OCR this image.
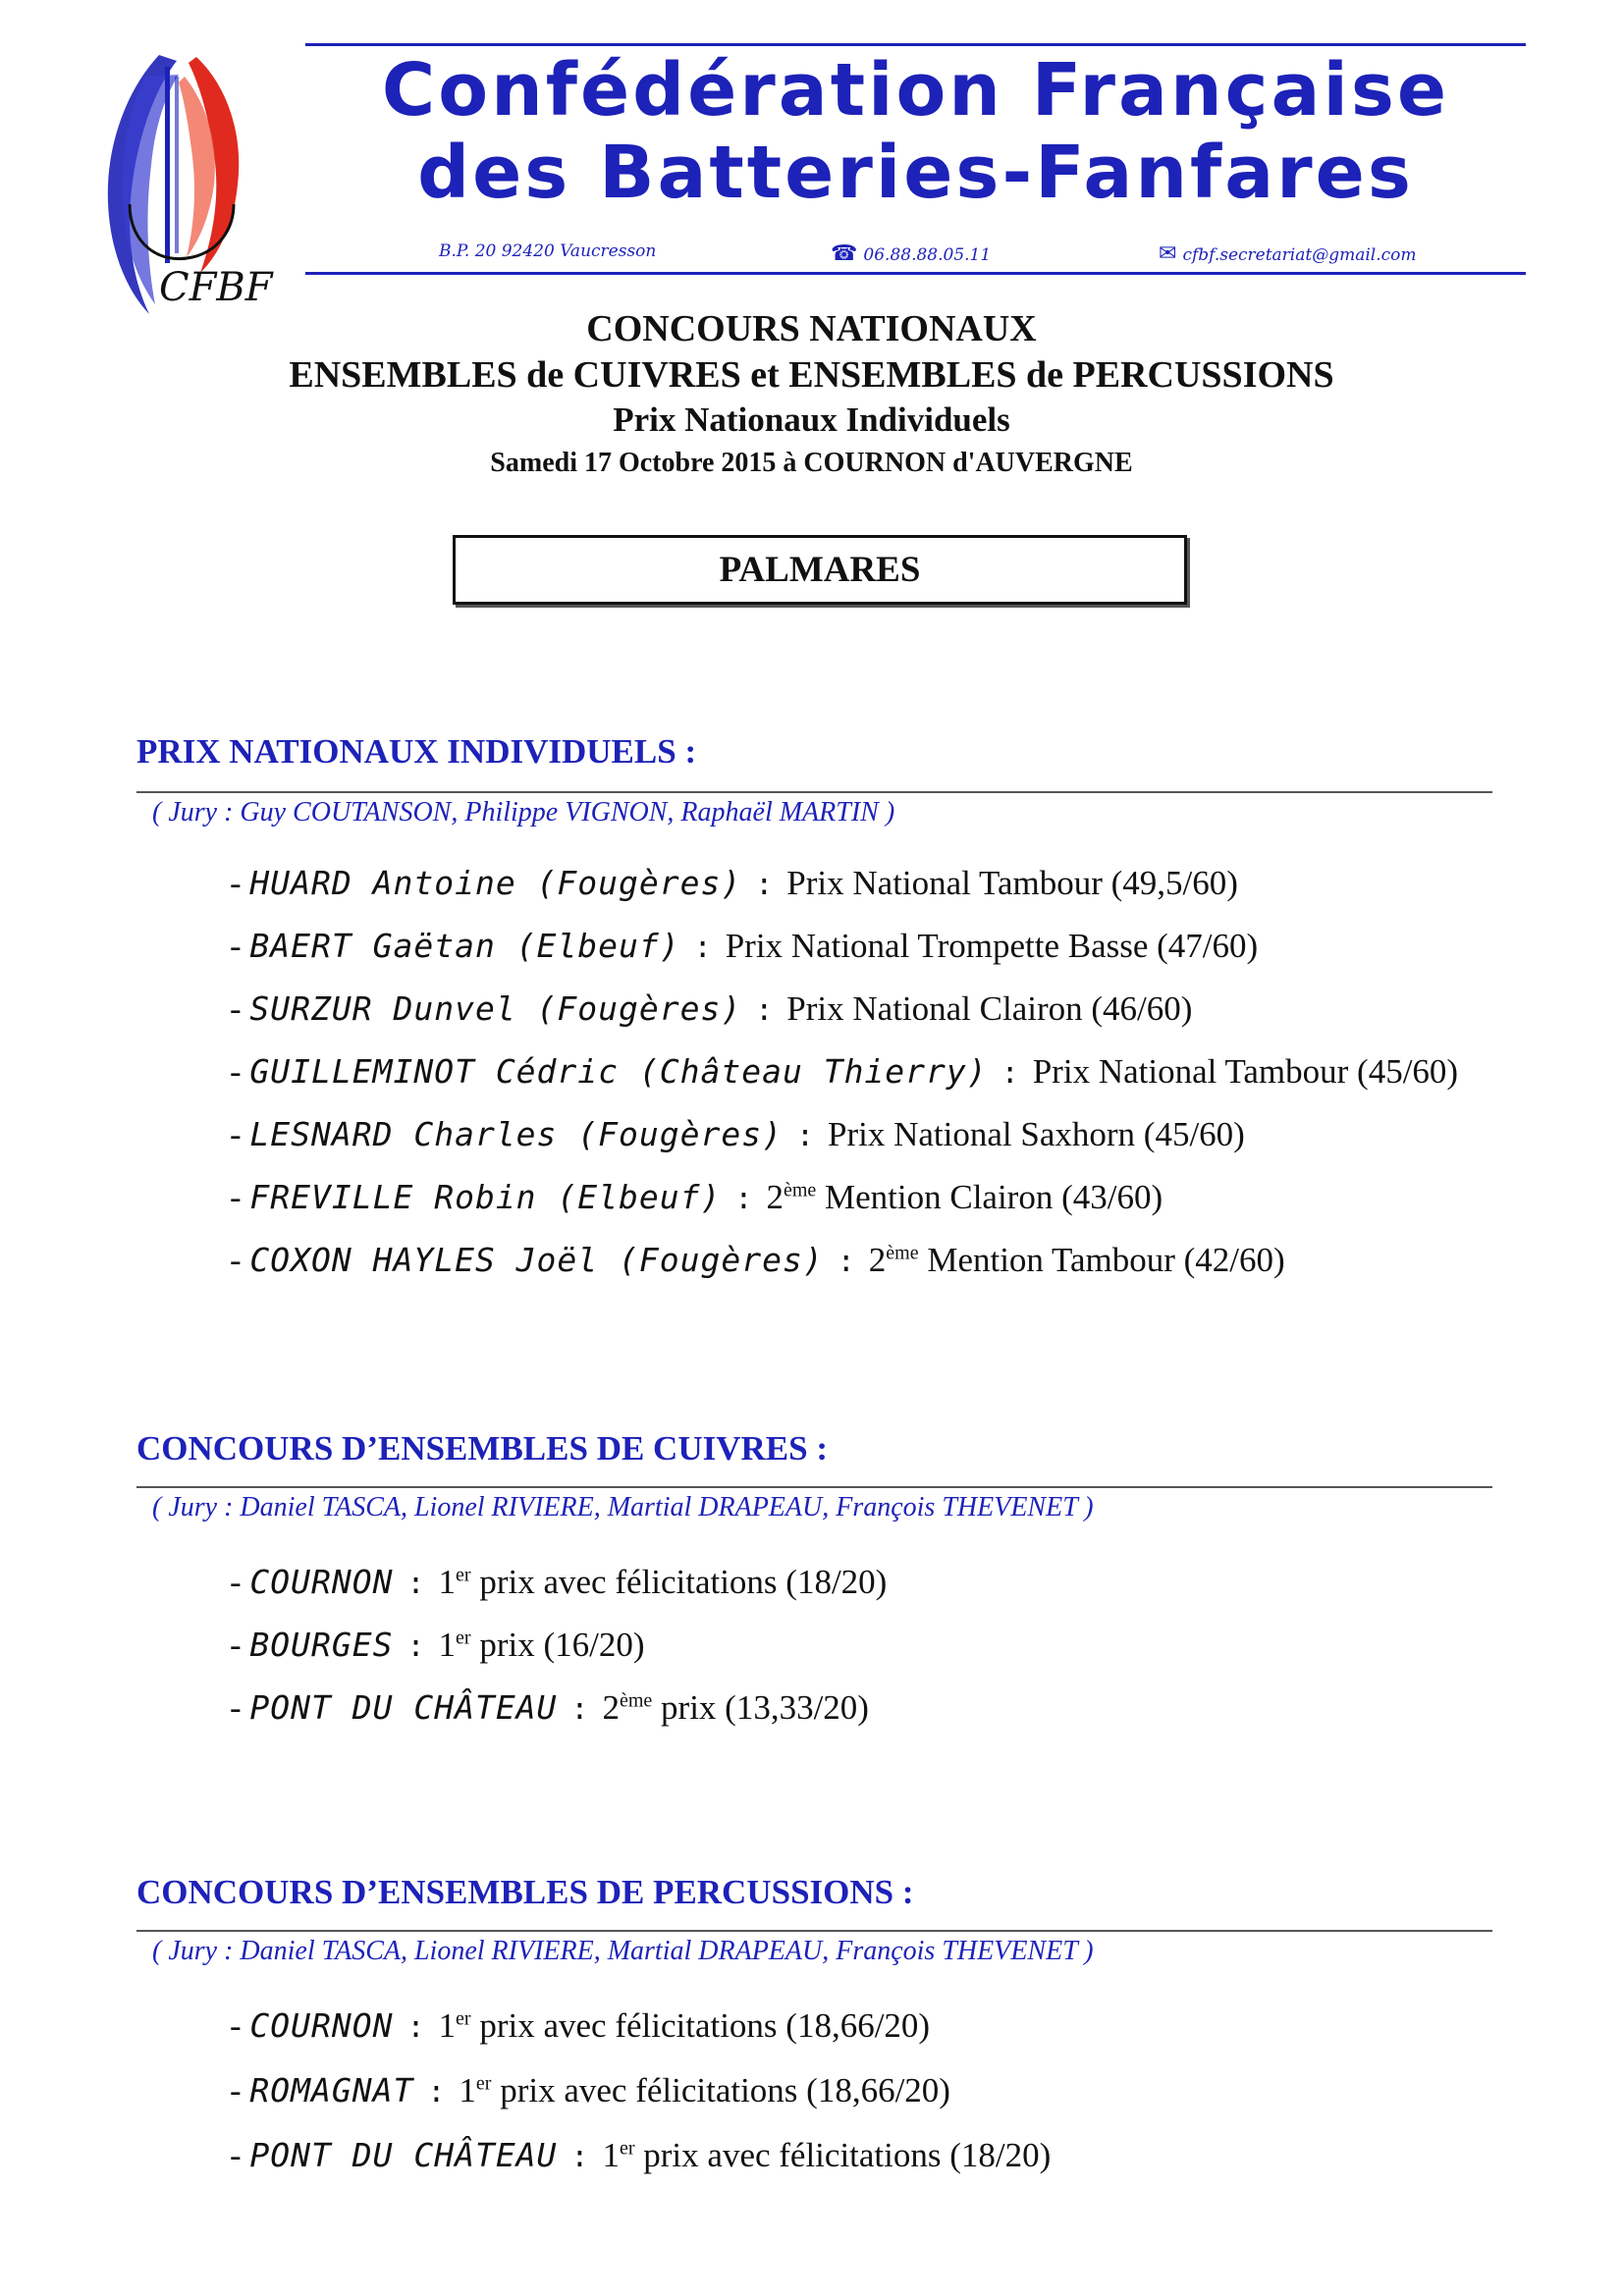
CFBF
Confédération Française
des Batteries-Fanfares
B.P. 20 92420 Vaucresson	☎ 06.88.88.05.11	✉ cfbf.secretariat@gmail.com
CONCOURS NATIONAUX
ENSEMBLES de CUIVRES et ENSEMBLES de PERCUSSIONS
Prix Nationaux Individuels
Samedi 17 Octobre 2015 à COURNON d'AUVERGNE
PALMARES
PRIX NATIONAUX INDIVIDUELS :
( Jury : Guy COUTANSON, Philippe VIGNON, Raphaël MARTIN )
- HUARD Antoine (Fougères) : Prix National Tambour (49,5/60)
- BAERT Gaëtan (Elbeuf) : Prix National Trompette Basse (47/60)
- SURZUR Dunvel (Fougères) : Prix National Clairon (46/60)
- GUILLEMINOT Cédric (Château Thierry) : Prix National Tambour (45/60)
- LESNARD Charles (Fougères) : Prix National Saxhorn (45/60)
- FREVILLE Robin (Elbeuf) : 2ème Mention Clairon (43/60)
- COXON HAYLES Joël (Fougères) : 2ème Mention Tambour (42/60)
CONCOURS D’ENSEMBLES DE CUIVRES :
( Jury : Daniel TASCA, Lionel RIVIERE, Martial DRAPEAU, François THEVENET )
- COURNON : 1er prix avec félicitations (18/20)
- BOURGES : 1er prix (16/20)
- PONT DU CHÂTEAU : 2ème prix (13,33/20)
CONCOURS D’ENSEMBLES DE PERCUSSIONS :
( Jury : Daniel TASCA, Lionel RIVIERE, Martial DRAPEAU, François THEVENET )
- COURNON : 1er prix avec félicitations (18,66/20)
- ROMAGNAT : 1er prix avec félicitations (18,66/20)
- PONT DU CHÂTEAU : 1er prix avec félicitations (18/20)
